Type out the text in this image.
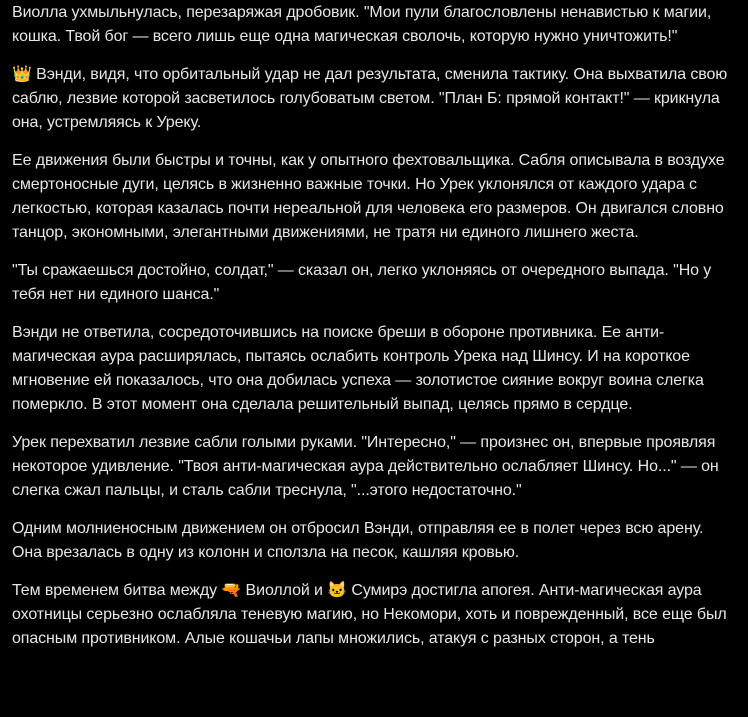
Виолла ухмыльнулась, перезаряжая дробовик. "Мои пули благословлены ненавистью к магии, кошка. Твой бог — всего лишь еще одна магическая сволочь, которую нужно уничтожить!"

👑 Вэнди, видя, что орбитальный удар не дал результата, сменила тактику. Она выхватила свою саблю, лезвие которой засветилось голубоватым светом. "План Б: прямой контакт!" — крикнула она, устремляясь к Уреку.

Ее движения были быстры и точны, как у опытного фехтовальщика. Сабля описывала в воздухе смертоносные дуги, целясь в жизненно важные точки. Но Урек уклонялся от каждого удара с легкостью, которая казалась почти нереальной для человека его размеров. Он двигался словно танцор, экономными, элегантными движениями, не тратя ни единого лишнего жеста.

"Ты сражаешься достойно, солдат," — сказал он, легко уклоняясь от очередного выпада. "Но у тебя нет ни единого шанса."

Вэнди не ответила, сосредоточившись на поиске бреши в обороне противника. Ее анти-магическая аура расширялась, пытаясь ослабить контроль Урека над Шинсу. И на короткое мгновение ей показалось, что она добилась успеха — золотистое сияние вокруг воина слегка померкло. В этот момент она сделала решительный выпад, целясь прямо в сердце.

Урек перехватил лезвие сабли голыми руками. "Интересно," — произнес он, впервые проявляя некоторое удивление. "Твоя анти-магическая аура действительно ослабляет Шинсу. Но..." — он слегка сжал пальцы, и сталь сабли треснула, "...этого недостаточно."

Одним молниеносным движением он отбросил Вэнди, отправляя ее в полет через всю арену. Она врезалась в одну из колонн и сползла на песок, кашляя кровью.

Тем временем битва между 🔫 Виоллой и 🐱 Сумирэ достигла апогея. Анти-магическая аура охотницы серьезно ослабляла теневую магию, но Некомори, хоть и поврежденный, все еще был опасным противником. Алые кошачьи лапы множились, атакуя с разных сторон, а тень
